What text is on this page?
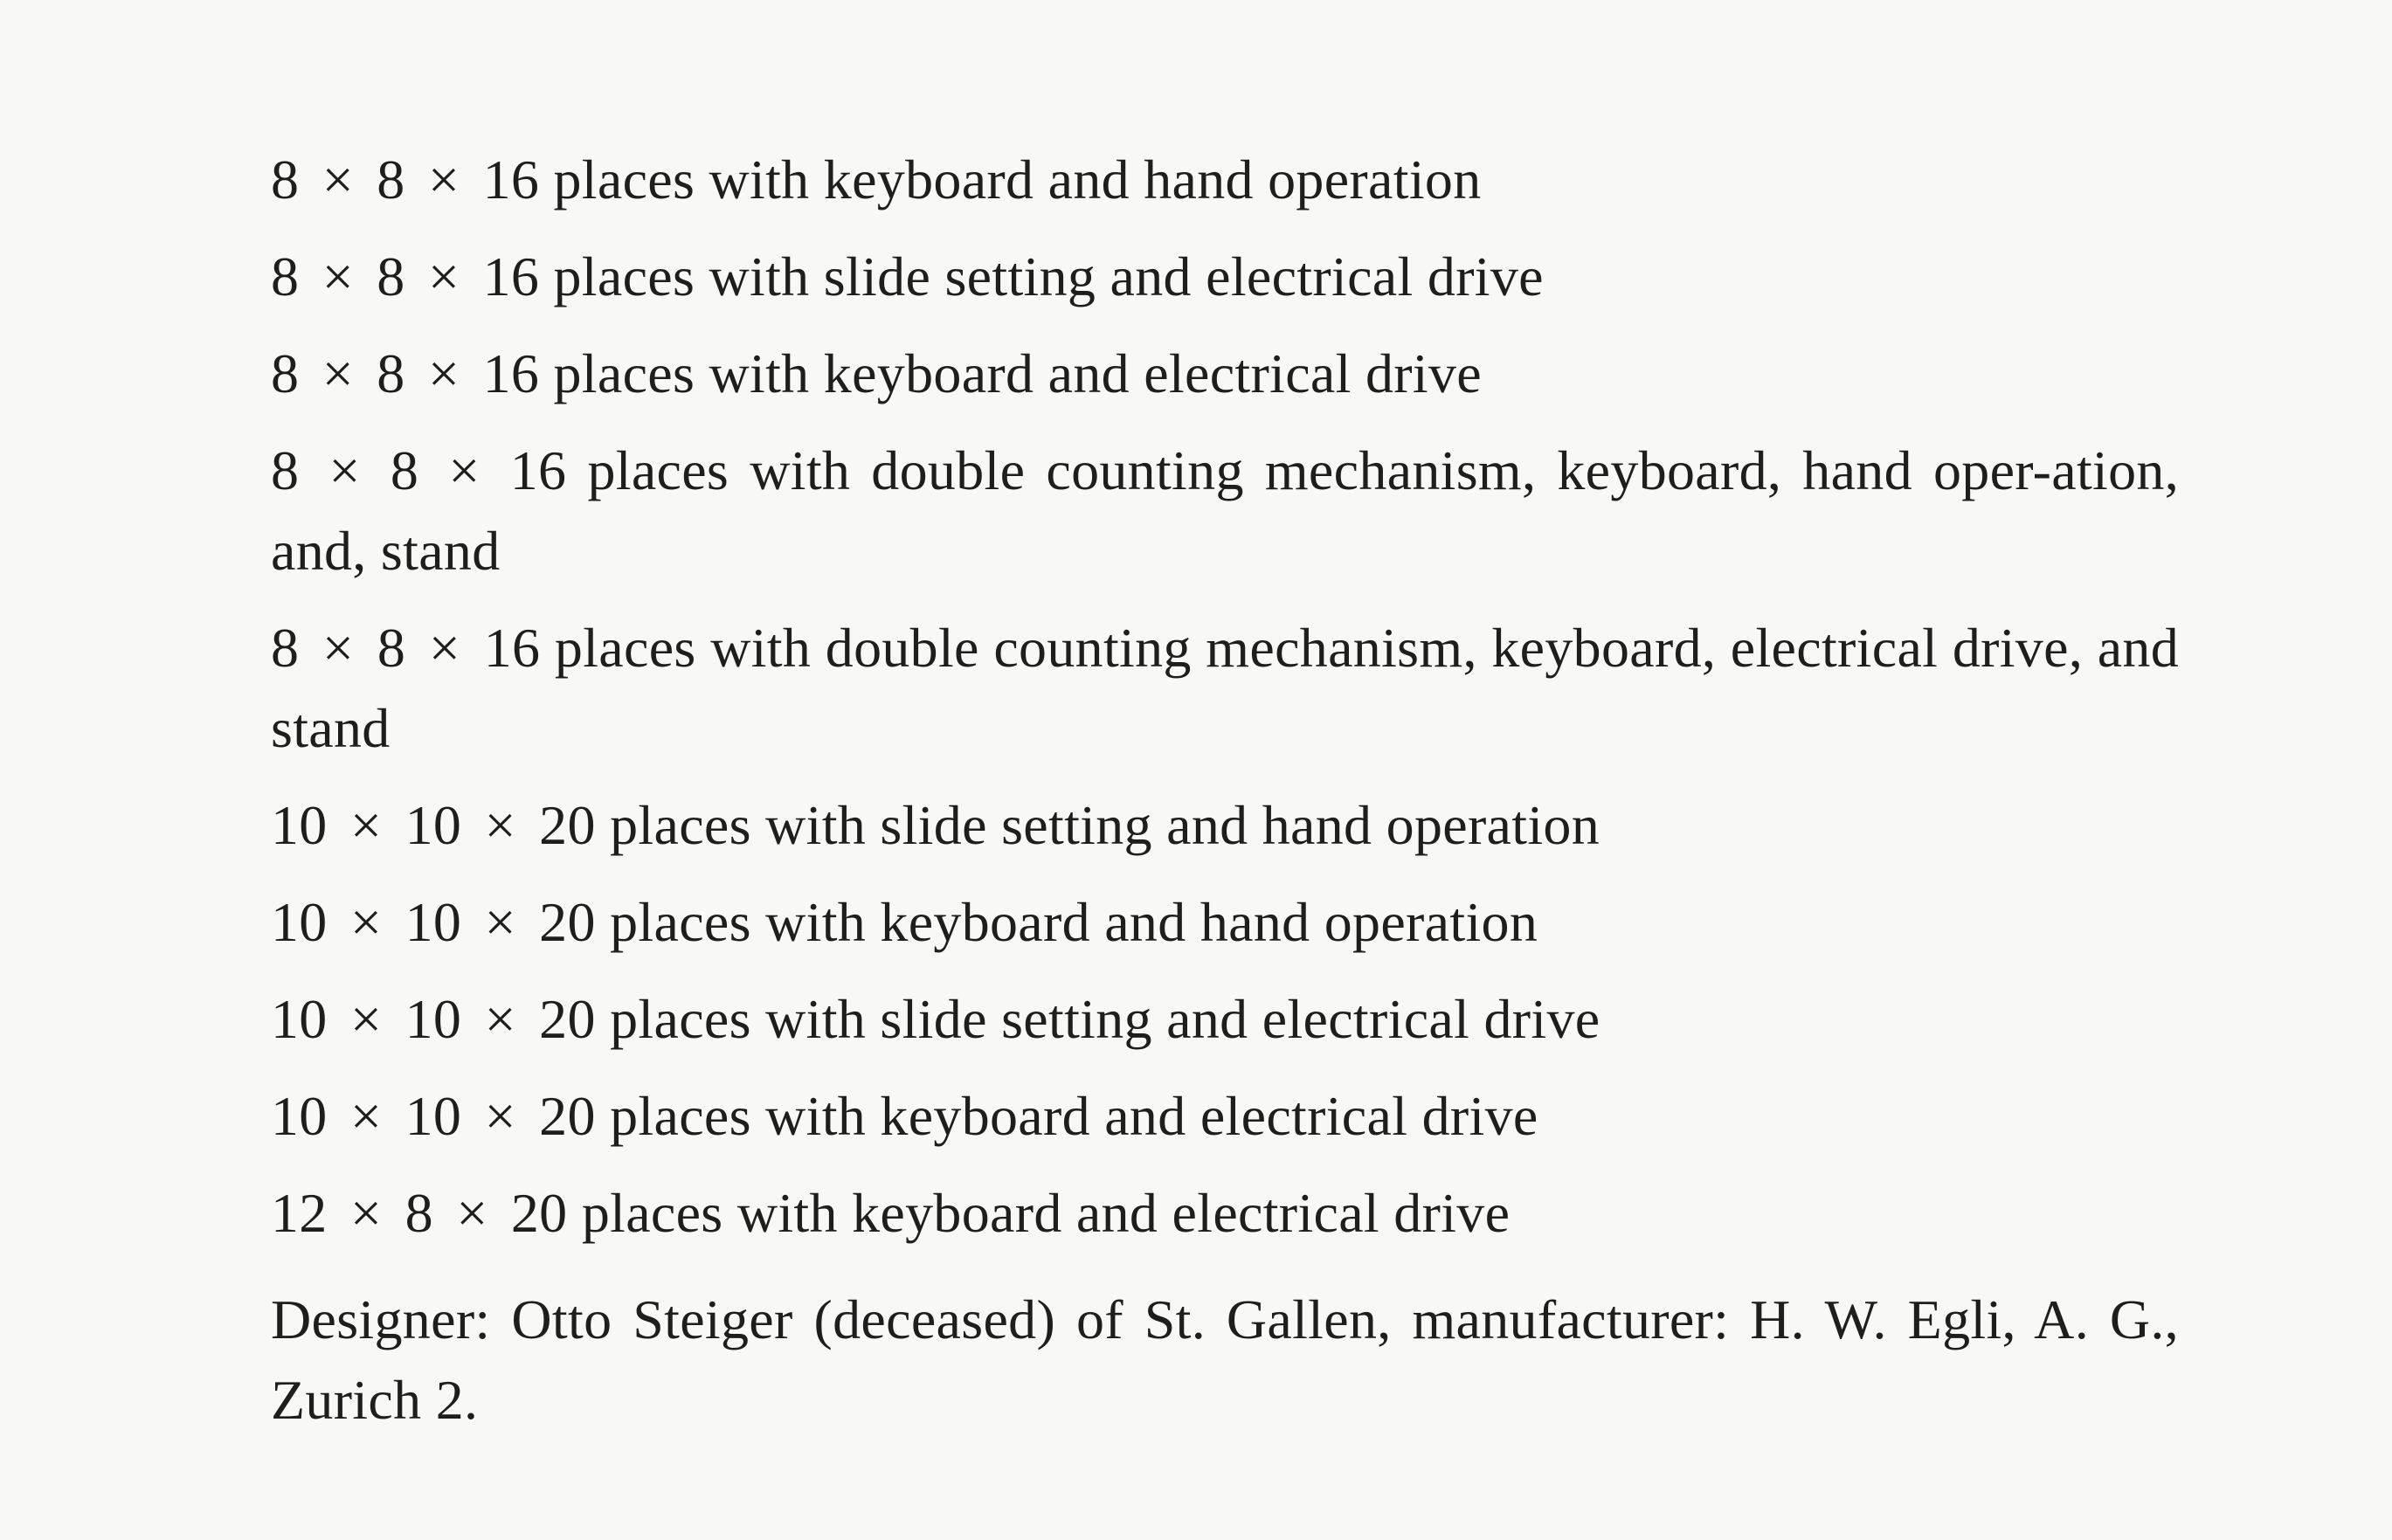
8 × 8 × 16 places with keyboard and hand operation

8 × 8 × 16 places with slide setting and electrical drive

8 × 8 × 16 places with keyboard and electrical drive

8 × 8 × 16 places with double counting mechanism, keyboard, hand oper-ation, and, stand

8 × 8 × 16 places with double counting mechanism, keyboard, electrical drive, and stand

10 × 10 × 20 places with slide setting and hand operation

10 × 10 × 20 places with keyboard and hand operation

10 × 10 × 20 places with slide setting and electrical drive

10 × 10 × 20 places with keyboard and electrical drive

12 × 8 × 20 places with keyboard and electrical drive

Designer: Otto Steiger (deceased) of St. Gallen, manufacturer: H. W. Egli, A. G., Zurich 2.
